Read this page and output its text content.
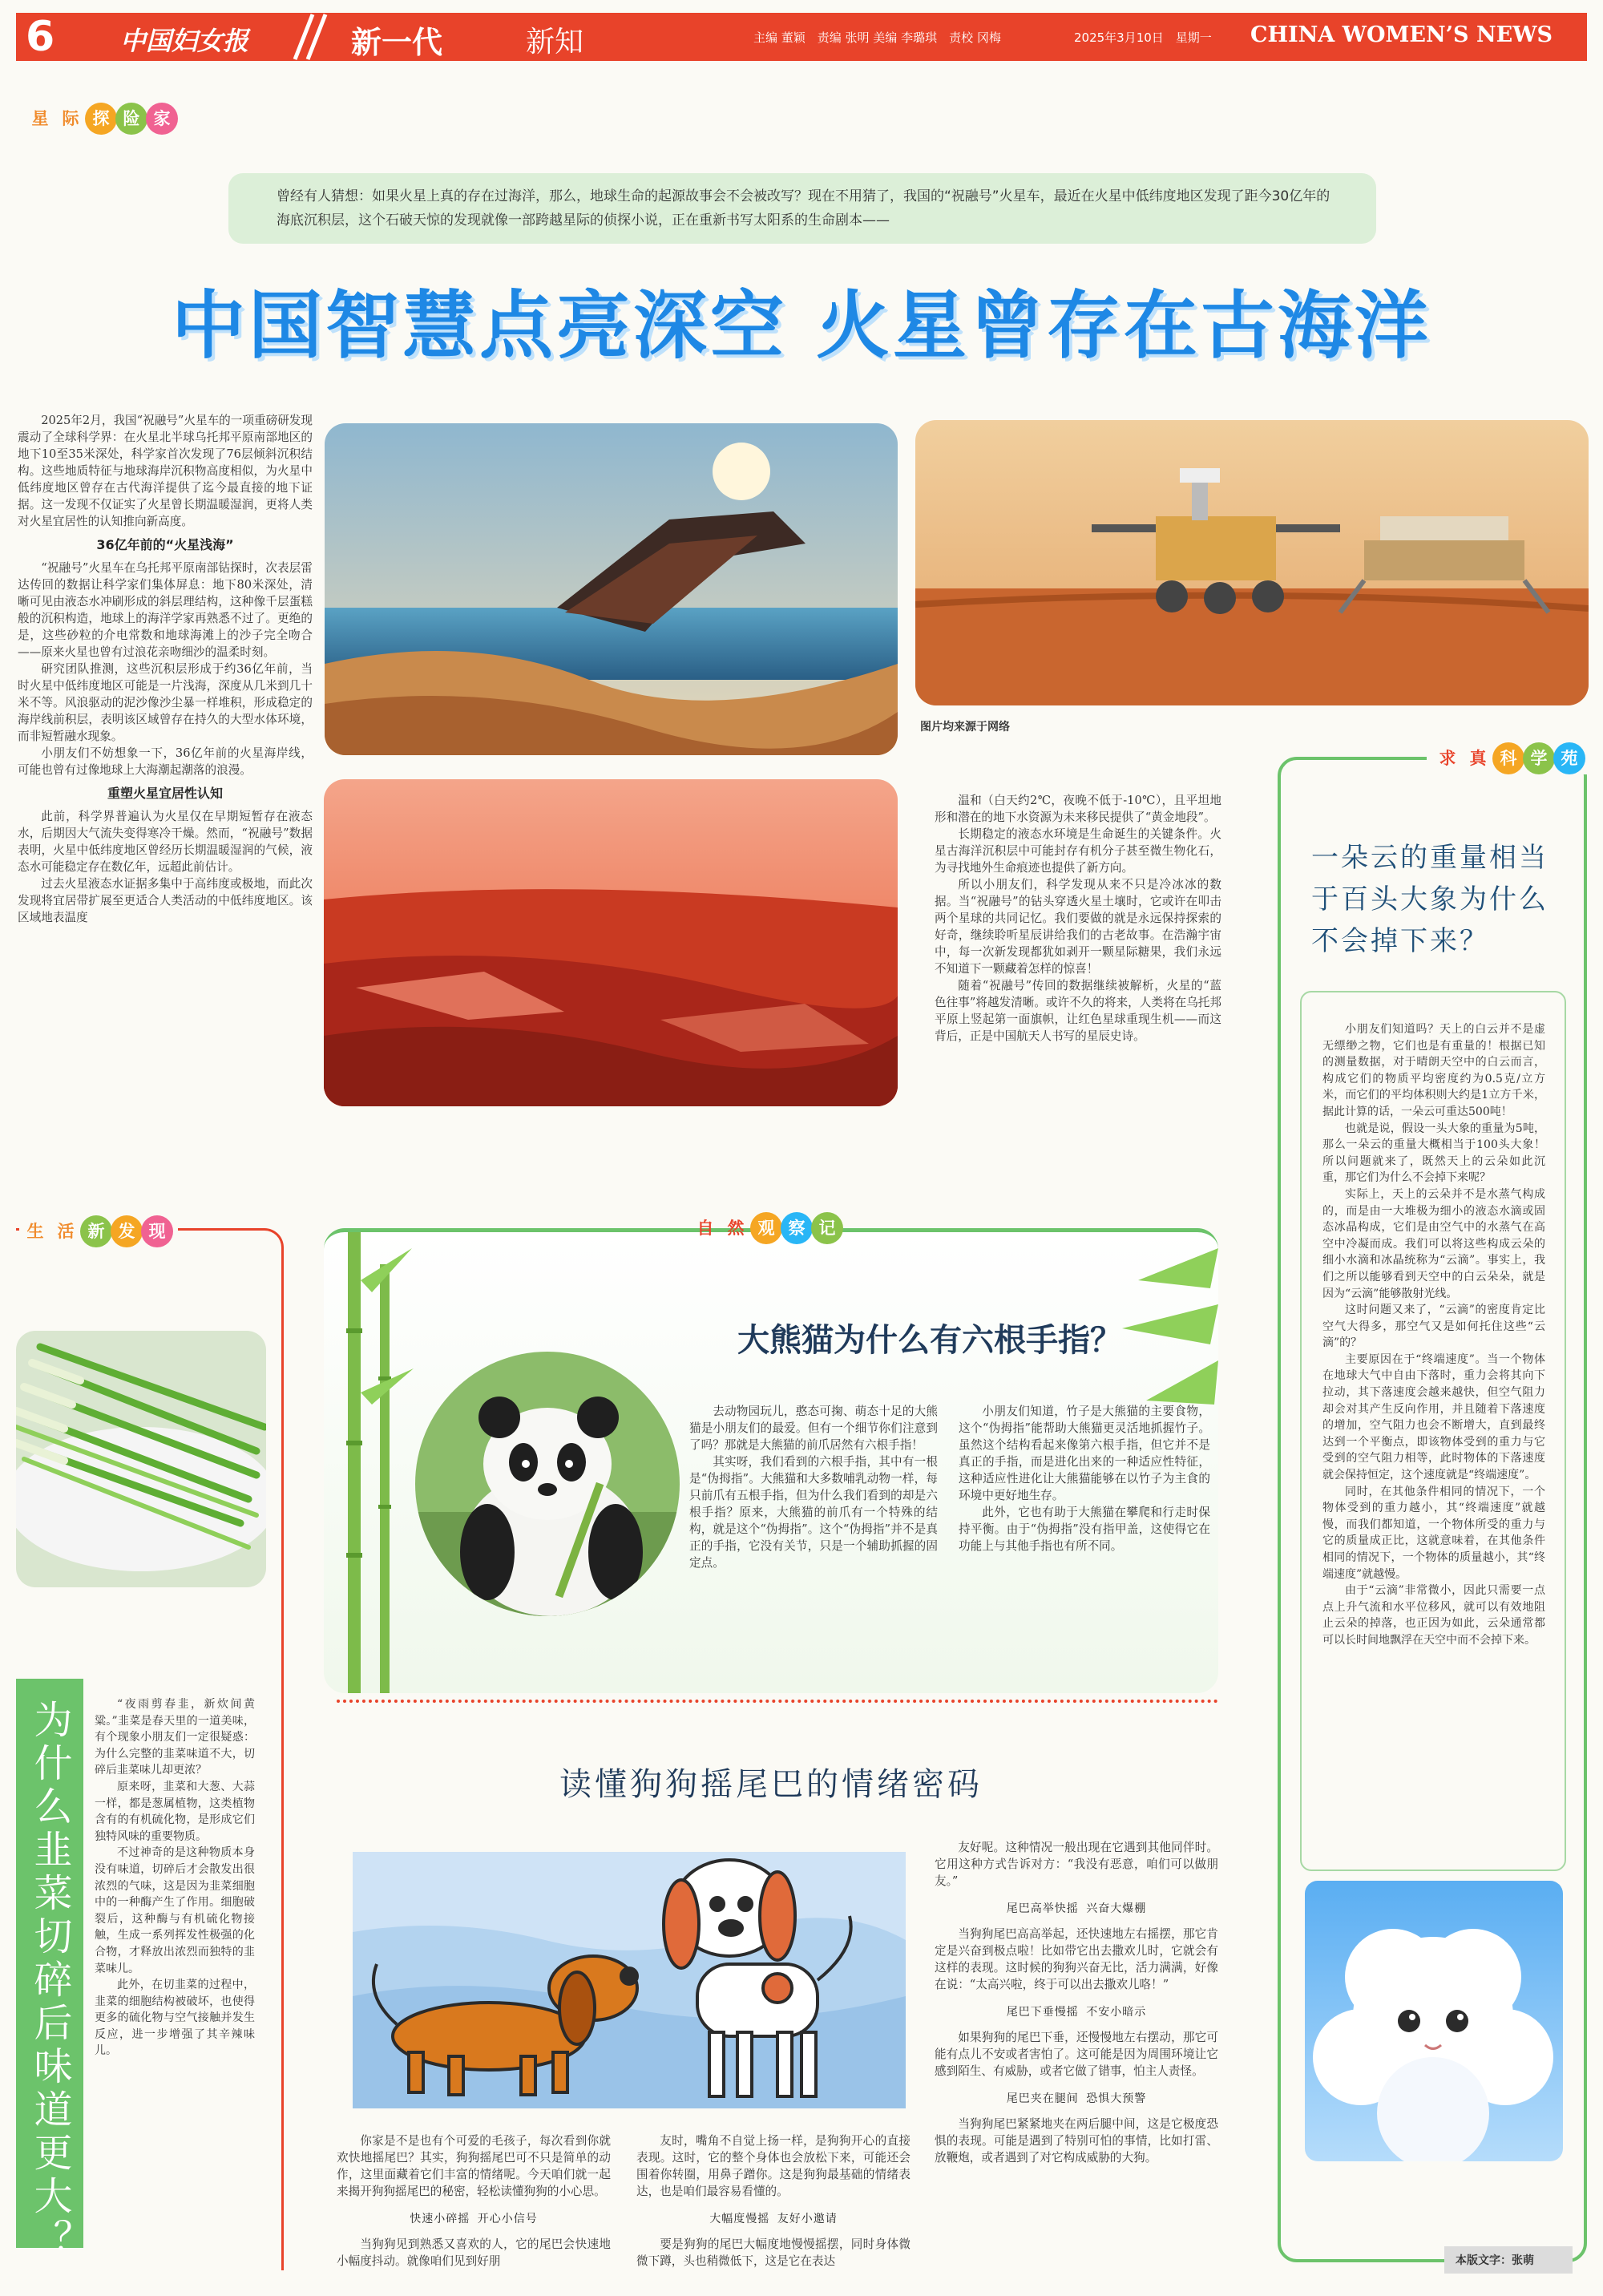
6	中国妇女报	新一代	新知	主编 董颖　责编 张明 美编 李璐琪　责校 冈梅	2025年3月10日　星期一 CHINA WOMEN’S NEWS
星 际 探 险 家
曾经有人猜想：如果火星上真的存在过海洋，那么，地球生命的起源故事会不会被改写？现在不用猜了，我国的“祝融号”火星车，最近在火星中低纬度地区发现了距今30亿年的海底沉积层，这个石破天惊的发现就像一部跨越星际的侦探小说，正在重新书写太阳系的生命剧本——
中国智慧点亮深空 火星曾存在古海洋

2025年2月，我国“祝融号”火星车的一项重磅研发现震动了全球科学界：在火星北半球乌托邦平原南部地区的地下10至35米深处，科学家首次发现了76层倾斜沉积结构。这些地质特征与地球海岸沉积物高度相似，为火星中低纬度地区曾存在古代海洋提供了迄今最直接的地下证据。这一发现不仅证实了火星曾长期温暖湿润，更将人类对火星宜居性的认知推向新高度。

36亿年前的“火星浅海”

“祝融号”火星车在乌托邦平原南部钻探时，次表层雷达传回的数据让科学家们集体屏息：地下80米深处，清晰可见由液态水冲刷形成的斜层理结构，这种像千层蛋糕般的沉积构造，地球上的海洋学家再熟悉不过了。更绝的是，这些砂粒的介电常数和地球海滩上的沙子完全吻合——原来火星也曾有过浪花亲吻细沙的温柔时刻。

研究团队推测，这些沉积层形成于约36亿年前，当时火星中低纬度地区可能是一片浅海，深度从几米到几十米不等。风浪驱动的泥沙像沙尘暴一样堆积，形成稳定的海岸线前积层，表明该区域曾存在持久的大型水体环境，而非短暂融水现象。

小朋友们不妨想象一下，36亿年前的火星海岸线，可能也曾有过像地球上大海潮起潮落的浪漫。

重塑火星宜居性认知

此前，科学界普遍认为火星仅在早期短暂存在液态水，后期因大气流失变得寒冷干燥。然而，“祝融号”数据表明，火星中低纬度地区曾经历长期温暖湿润的气候，液态水可能稳定存在数亿年，远超此前估计。

过去火星液态水证据多集中于高纬度或极地，而此次发现将宜居带扩展至更适合人类活动的中低纬度地区。该区域地表温度

图片均来源于网络

温和（白天约2℃，夜晚不低于-10℃），且平坦地形和潜在的地下水资源为未来移民提供了“黄金地段”。

长期稳定的液态水环境是生命诞生的关键条件。火星古海洋沉积层中可能封存有机分子甚至微生物化石，为寻找地外生命痕迹也提供了新方向。

所以小朋友们，科学发现从来不只是冷冰冰的数据。当“祝融号”的钻头穿透火星土壤时，它或许在叩击两个星球的共同记忆。我们要做的就是永远保持探索的好奇，继续聆听星辰讲给我们的古老故事。在浩瀚宇宙中，每一次新发现都犹如剥开一颗星际糖果，我们永远不知道下一颗藏着怎样的惊喜！

随着“祝融号”传回的数据继续被解析，火星的“蓝色往事”将越发清晰。或许不久的将来，人类将在乌托邦平原上竖起第一面旗帜，让红色星球重现生机——而这背后，正是中国航天人书写的星辰史诗。

求 真 科 学 苑
一朵云的重量相当于百头大象为什么不会掉下来？

小朋友们知道吗？天上的白云并不是虚无缥缈之物，它们也是有重量的！根据已知的测量数据，对于晴朗天空中的白云而言，构成它们的物质平均密度约为0.5克/立方米，而它们的平均体积则大约是1立方千米，据此计算的话，一朵云可重达500吨！

也就是说，假设一头大象的重量为5吨，那么一朵云的重量大概相当于100头大象！所以问题就来了，既然天上的云朵如此沉重，那它们为什么不会掉下来呢？

实际上，天上的云朵并不是水蒸气构成的，而是由一大堆极为细小的液态水滴或固态冰晶构成，它们是由空气中的水蒸气在高空中冷凝而成。我们可以将这些构成云朵的细小水滴和冰晶统称为“云滴”。事实上，我们之所以能够看到天空中的白云朵朵，就是因为“云滴”能够散射光线。

这时问题又来了，“云滴”的密度肯定比空气大得多，那空气又是如何托住这些“云滴”的？

主要原因在于“终端速度”。当一个物体在地球大气中自由下落时，重力会将其向下拉动，其下落速度会越来越快，但空气阻力却会对其产生反向作用，并且随着下落速度的增加，空气阻力也会不断增大，直到最终达到一个平衡点，即该物体受到的重力与它受到的空气阻力相等，此时物体的下落速度就会保持恒定，这个速度就是“终端速度”。

同时，在其他条件相同的情况下，一个物体受到的重力越小，其“终端速度”就越慢，而我们都知道，一个物体所受的重力与它的质量成正比，这就意味着，在其他条件相同的情况下，一个物体的质量越小，其“终端速度”就越慢。

由于“云滴”非常微小，因此只需要一点点上升气流和水平位移风，就可以有效地阻止云朵的掉落，也正因为如此，云朵通常都可以长时间地飘浮在天空中而不会掉下来。

本版文字：张萌
生 活 新 发 现
为什么韭菜切碎后味道更大？	“夜雨剪春韭，新炊间黄粱。”韭菜是春天里的一道美味，有个现象小朋友们一定很疑惑：为什么完整的韭菜味道不大，切碎后韭菜味儿却更浓？

原来呀，韭菜和大葱、大蒜一样，都是葱属植物，这类植物含有的有机硫化物，是形成它们独特风味的重要物质。

不过神奇的是这种物质本身没有味道，切碎后才会散发出很浓烈的气味，这是因为韭菜细胞中的一种酶产生了作用。细胞破裂后，这种酶与有机硫化物接触，生成一系列挥发性极强的化合物，才释放出浓烈而独特的韭菜味儿。

此外，在切韭菜的过程中，韭菜的细胞结构被破坏，也使得更多的硫化物与空气接触并发生反应，进一步增强了其辛辣味儿。

自 然 观 察 记
大熊猫为什么有六根手指？

去动物园玩儿，憨态可掬、萌态十足的大熊猫是小朋友们的最爱。但有一个细节你们注意到了吗？那就是大熊猫的前爪居然有六根手指！

其实呀，我们看到的六根手指，其中有一根是“伪拇指”。大熊猫和大多数哺乳动物一样，每只前爪有五根手指，但为什么我们看到的却是六根手指？原来，大熊猫的前爪有一个特殊的结构，就是这个“伪拇指”。这个“伪拇指”并不是真正的手指，它没有关节，只是一个辅助抓握的固定点。

小朋友们知道，竹子是大熊猫的主要食物，这个“伪拇指”能帮助大熊猫更灵活地抓握竹子。虽然这个结构看起来像第六根手指，但它并不是真正的手指，而是进化出来的一种适应性特征，这种适应性进化让大熊猫能够在以竹子为主食的环境中更好地生存。

此外，它也有助于大熊猫在攀爬和行走时保持平衡。由于“伪拇指”没有指甲盖，这使得它在功能上与其他手指也有所不同。

读懂狗狗摇尾巴的情绪密码

你家是不是也有个可爱的毛孩子，每次看到你就欢快地摇尾巴？其实，狗狗摇尾巴可不只是简单的动作，这里面藏着它们丰富的情绪呢。今天咱们就一起来揭开狗狗摇尾巴的秘密，轻松读懂狗狗的小心思。

快速小碎摇 开心小信号

当狗狗见到熟悉又喜欢的人，它的尾巴会快速地小幅度抖动。就像咱们见到好朋

友时，嘴角不自觉上扬一样，是狗狗开心的直接表现。这时，它的整个身体也会放松下来，可能还会围着你转圈，用鼻子蹭你。这是狗狗最基础的情绪表达，也是咱们最容易看懂的。

大幅度慢摇 友好小邀请

要是狗狗的尾巴大幅度地慢慢摇摆，同时身体微微下蹲，头也稍微低下，这是它在表达

友好呢。这种情况一般出现在它遇到其他同伴时。它用这种方式告诉对方：“我没有恶意，咱们可以做朋友。”

尾巴高举快摇 兴奋大爆棚

当狗狗尾巴高高举起，还快速地左右摇摆，那它肯定是兴奋到极点啦！比如带它出去撒欢儿时，它就会有这样的表现。这时候的狗狗兴奋无比，活力满满，好像在说：“太高兴啦，终于可以出去撒欢儿咯！”

尾巴下垂慢摇 不安小暗示

如果狗狗的尾巴下垂，还慢慢地左右摆动，那它可能有点儿不安或者害怕了。这可能是因为周围环境让它感到陌生、有威胁，或者它做了错事，怕主人责怪。

尾巴夹在腿间 恐惧大预警

当狗狗尾巴紧紧地夹在两后腿中间，这是它极度恐惧的表现。可能是遇到了特别可怕的事情，比如打雷、放鞭炮，或者遇到了对它构成威胁的大狗。
